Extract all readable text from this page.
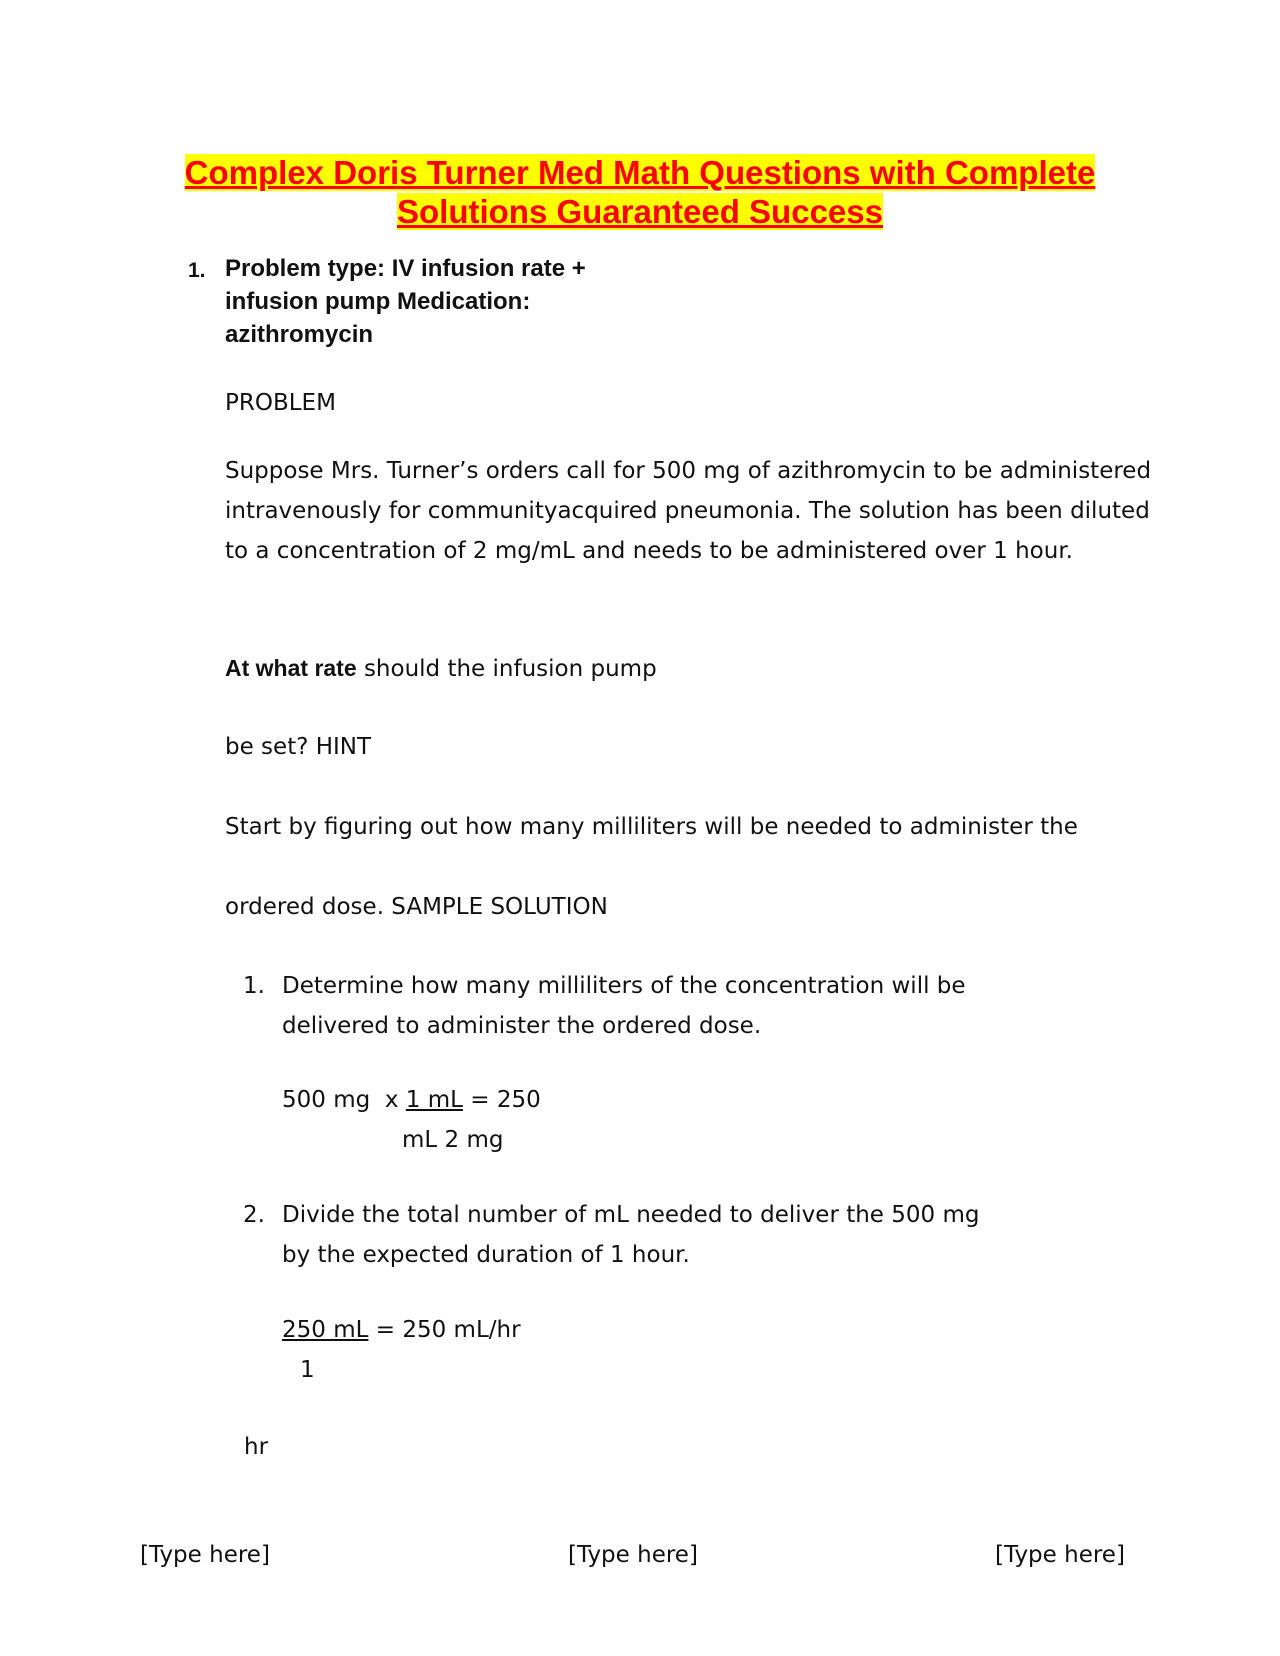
Complex Doris Turner Med Math Questions with Complete
Solutions Guaranteed Success
1. Problem type: IV infusion rate +
infusion pump Medication:
azithromycin
PROBLEM
Suppose Mrs. Turner’s orders call for 500 mg of azithromycin to be administered intravenously for communityacquired pneumonia. The solution has been diluted to a concentration of 2 mg/mL and needs to be administered over 1 hour.
At what rate should the infusion pump
be set? HINT
Start by figuring out how many milliliters will be needed to administer the
ordered dose. SAMPLE SOLUTION
1. Determine how many milliliters of the concentration will be delivered to administer the ordered dose.
500 mg  x 1 mL = 250
mL 2 mg
2. Divide the total number of mL needed to deliver the 500 mg by the expected duration of 1 hour.
250 mL = 250 mL/hr
1
hr
[Type here]	[Type here]	[Type here]
